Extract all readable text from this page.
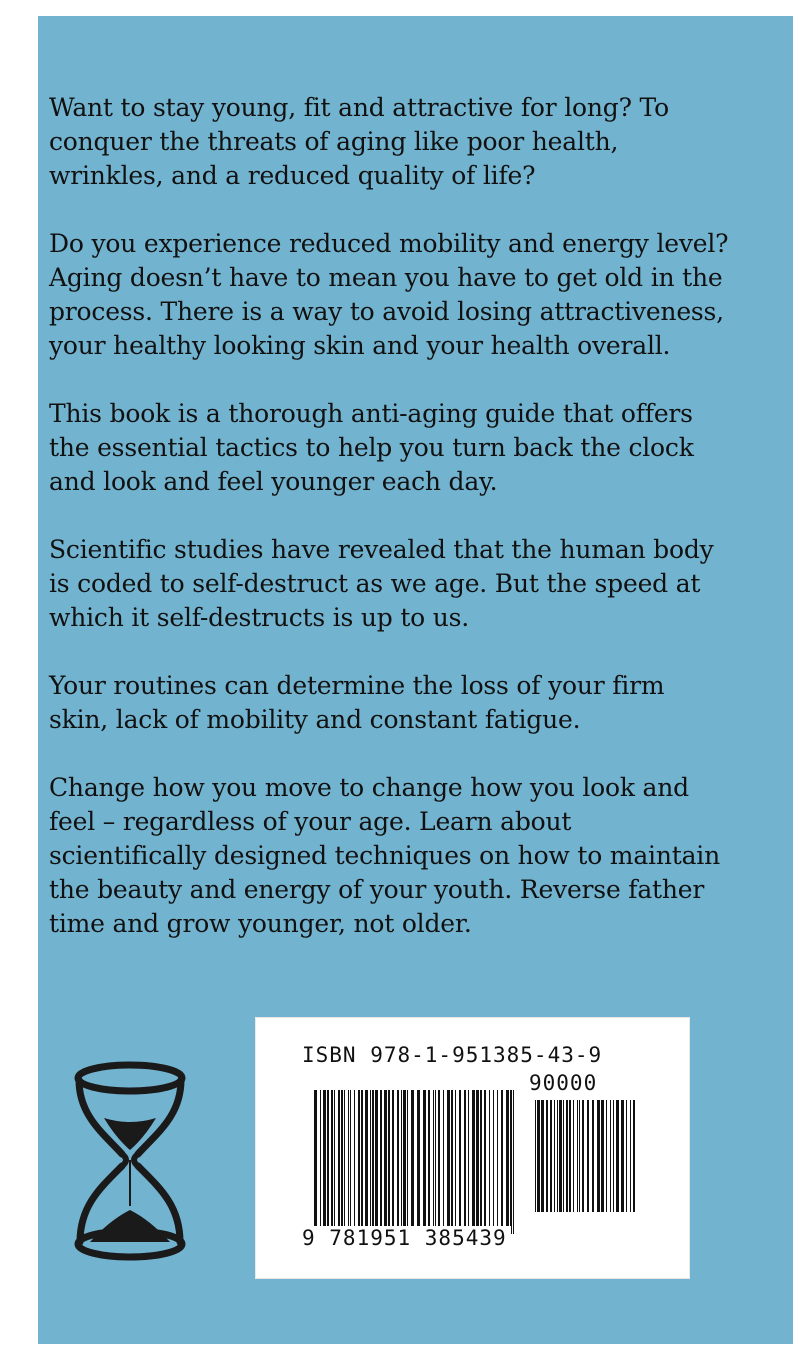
Want to stay young, fit and attractive for long? To conquer the threats of aging like poor health, wrinkles, and a reduced quality of life?

Do you experience reduced mobility and energy level? Aging doesn’t have to mean you have to get old in the process. There is a way to avoid losing attractiveness, your healthy looking skin and your health overall.

This book is a thorough anti-aging guide that offers the essential tactics to help you turn back the clock and look and feel younger each day.

Scientific studies have revealed that the human body is coded to self-destruct as we age. But the speed at which it self-destructs is up to us.

Your routines can determine the loss of your firm skin, lack of mobility and constant fatigue.

Change how you move to change how you look and feel – regardless of your age. Learn about scientifically designed techniques on how to maintain the beauty and energy of your youth. Reverse father time and grow younger, not older.

ISBN 978-1-951385-43-9
90000
9 781951 385439
